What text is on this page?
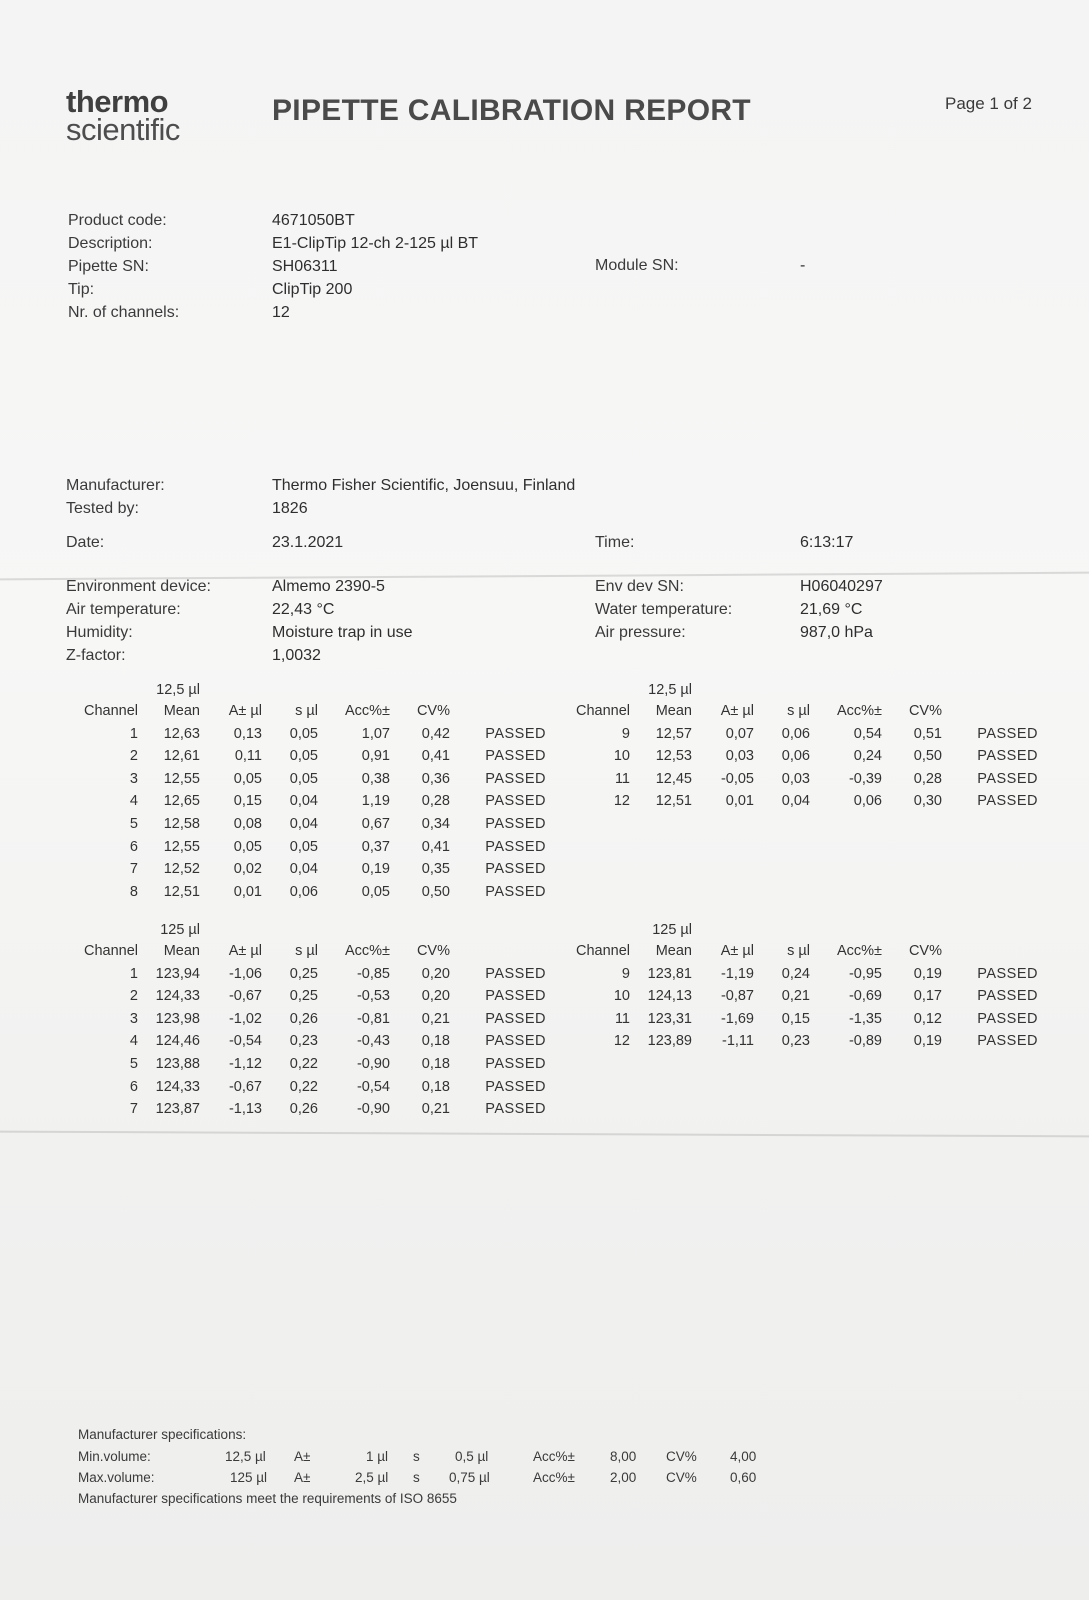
thermo
scientific
PIPETTE CALIBRATION REPORT	Page 1 of 2
Product code:	4671050BT
Description:	E1-ClipTip 12-ch 2-125 µl BT
Pipette SN:	SH06311
Tip:	ClipTip 200
Nr. of channels:	12
Module SN:	-
Manufacturer:	Thermo Fisher Scientific, Joensuu, Finland
Tested by:	1826
Date:	23.1.2021	Time:	6:13:17
Environment device:	Almemo 2390-5	Env dev SN:	H06040297
Air temperature:	22,43 °C	Water temperature:	21,69 °C
Humidity:	Moisture trap in use	Air pressure:	987,0 hPa
Z-factor:	1,0032
	12,5 µl					
Channel	Mean	A± µl	s µl	Acc%±	CV%	
1	12,63	0,13	0,05	1,07	0,42	PASSED
2	12,61	0,11	0,05	0,91	0,41	PASSED
3	12,55	0,05	0,05	0,38	0,36	PASSED
4	12,65	0,15	0,04	1,19	0,28	PASSED
5	12,58	0,08	0,04	0,67	0,34	PASSED
6	12,55	0,05	0,05	0,37	0,41	PASSED
7	12,52	0,02	0,04	0,19	0,35	PASSED
8	12,51	0,01	0,06	0,05	0,50	PASSED
	12,5 µl					
Channel	Mean	A± µl	s µl	Acc%±	CV%	
9	12,57	0,07	0,06	0,54	0,51	PASSED
10	12,53	0,03	0,06	0,24	0,50	PASSED
11	12,45	-0,05	0,03	-0,39	0,28	PASSED
12	12,51	0,01	0,04	0,06	0,30	PASSED
	125 µl					
Channel	Mean	A± µl	s µl	Acc%±	CV%	
1	123,94	-1,06	0,25	-0,85	0,20	PASSED
2	124,33	-0,67	0,25	-0,53	0,20	PASSED
3	123,98	-1,02	0,26	-0,81	0,21	PASSED
4	124,46	-0,54	0,23	-0,43	0,18	PASSED
5	123,88	-1,12	0,22	-0,90	0,18	PASSED
6	124,33	-0,67	0,22	-0,54	0,18	PASSED
7	123,87	-1,13	0,26	-0,90	0,21	PASSED
	125 µl					
Channel	Mean	A± µl	s µl	Acc%±	CV%	
9	123,81	-1,19	0,24	-0,95	0,19	PASSED
10	124,13	-0,87	0,21	-0,69	0,17	PASSED
11	123,31	-1,69	0,15	-1,35	0,12	PASSED
12	123,89	-1,11	0,23	-0,89	0,19	PASSED
Manufacturer specifications:
Min.volume:	12,5 µl A±	1 µl s	0,5 µl	Acc%±	8,00 CV% 4,00
Max.volume:	125 µl A±	2,5 µl s 0,75 µl	Acc%±	2,00 CV% 0,60
Manufacturer specifications meet the requirements of ISO 8655
